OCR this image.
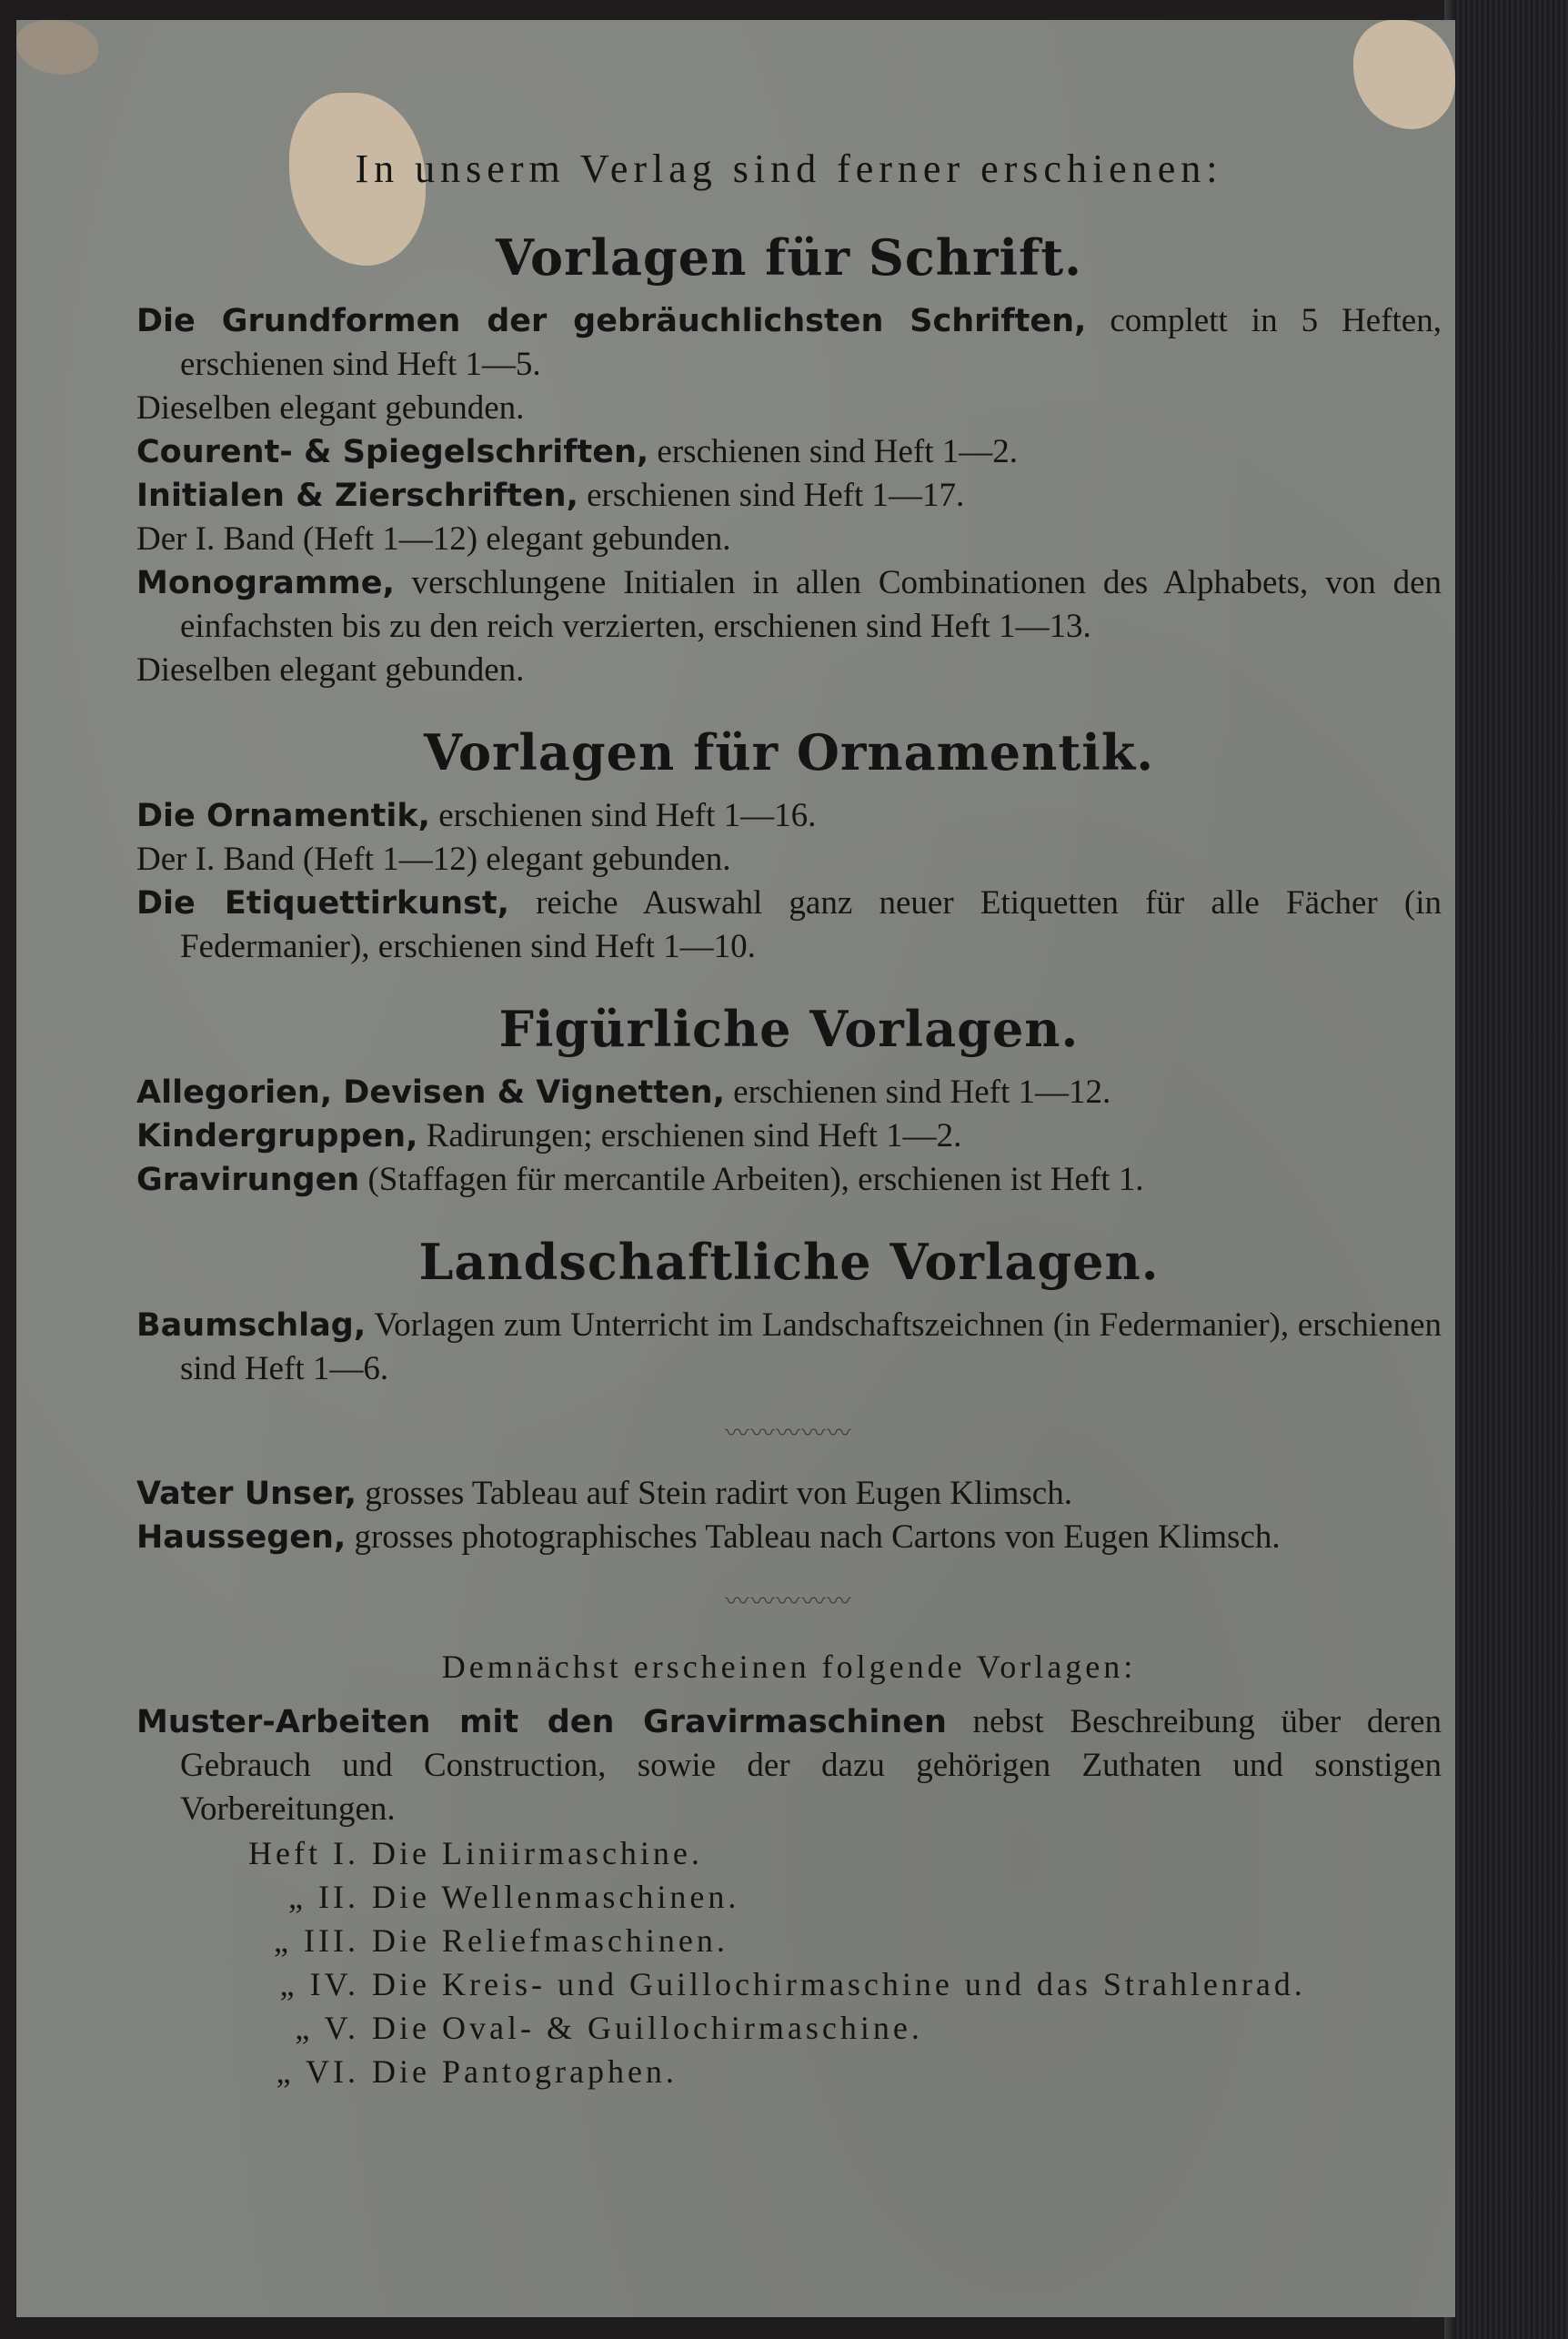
In unserm Verlag sind ferner erschienen:

Vorlagen für Schrift.

Die Grundformen der gebräuchlichsten Schriften, complett in 5 Heften, erschienen sind Heft 1—5.

Dieselben elegant gebunden.

Courent- & Spiegelschriften, erschienen sind Heft 1—2.

Initialen & Zierschriften, erschienen sind Heft 1—17.

Der I. Band (Heft 1—12) elegant gebunden.

Monogramme, verschlungene Initialen in allen Combinationen des Alphabets, von den einfachsten bis zu den reich verzierten, erschienen sind Heft 1—13.

Dieselben elegant gebunden.

Vorlagen für Ornamentik.

Die Ornamentik, erschienen sind Heft 1—16.

Der I. Band (Heft 1—12) elegant gebunden.

Die Etiquettirkunst, reiche Auswahl ganz neuer Etiquetten für alle Fächer (in Federmanier), erschienen sind Heft 1—10.

Figürliche Vorlagen.

Allegorien, Devisen & Vignetten, erschienen sind Heft 1—12.

Kindergruppen, Radirungen; erschienen sind Heft 1—2.

Gravirungen (Staffagen für mercantile Arbeiten), erschienen ist Heft 1.

Landschaftliche Vorlagen.

Baumschlag, Vorlagen zum Unterricht im Landschaftszeichnen (in Federmanier), erschienen sind Heft 1—6.

〰〰〰〰〰

Vater Unser, grosses Tableau auf Stein radirt von Eugen Klimsch.

Haussegen, grosses photographisches Tableau nach Cartons von Eugen Klimsch.

〰〰〰〰〰

Demnächst erscheinen folgende Vorlagen:

Muster-Arbeiten mit den Gravirmaschinen nebst Beschreibung über deren Gebrauch und Construction, sowie der dazu gehörigen Zuthaten und sonstigen Vorbereitungen.

Heft I. Die Liniirmaschine.
„ II. Die Wellenmaschinen.
„ III. Die Reliefmaschinen.
„ IV. Die Kreis- und Guillochirmaschine und das Strahlenrad.
„ V. Die Oval- & Guillochirmaschine.
„ VI. Die Pantographen.
